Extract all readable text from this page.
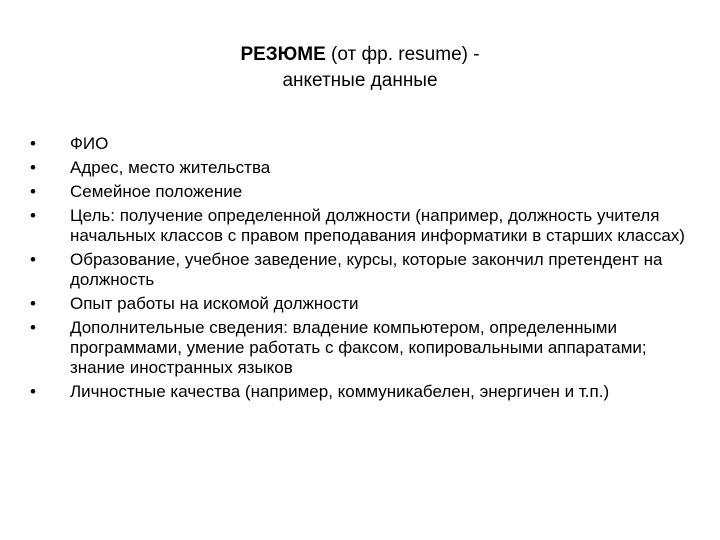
РЕЗЮМЕ (от фр. resume) -
анкетные данные
•	ФИО
•	Адрес, место жительства
•	Семейное положение
•	Цель: получение определенной должности (например, должность учителя начальных классов с правом преподавания информатики в старших классах)
•	Образование, учебное заведение, курсы, которые закончил претендент на должность
•	Опыт работы на искомой должности
•	Дополнительные сведения: владение компьютером, определенными программами, умение работать с факсом, копировальными аппаратами; знание иностранных языков
•	Личностные качества (например, коммуникабелен, энергичен и т.п.)
